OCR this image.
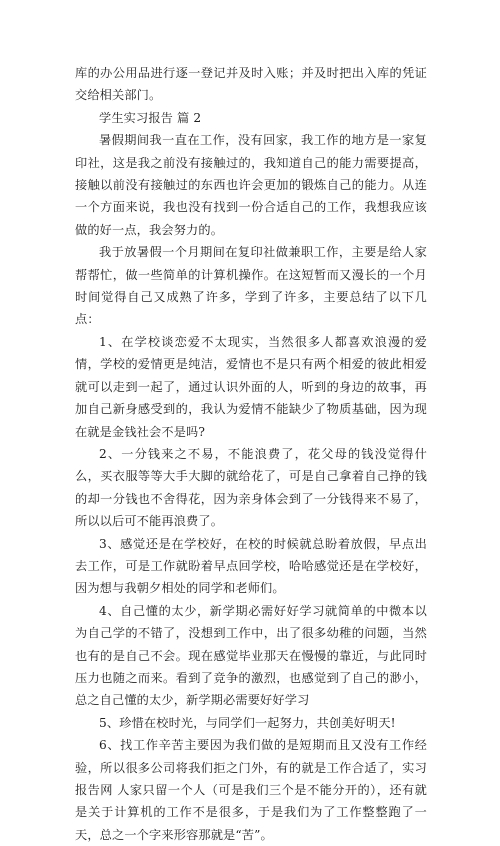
库的办公用品进行逐一登记并及时入账；并及时把出入库的凭证交给相关部门。

学生实习报告 篇 2

暑假期间我一直在工作，没有回家，我工作的地方是一家复印社，这是我之前没有接触过的，我知道自己的能力需要提高，接触以前没有接触过的东西也许会更加的锻炼自己的能力。从连一个方面来说，我也没有找到一份合适自己的工作，我想我应该做的好一点，我会努力的。

我于放暑假一个月期间在复印社做兼职工作，主要是给人家帮帮忙，做一些简单的计算机操作。在这短暂而又漫长的一个月时间觉得自己又成熟了许多，学到了许多，主要总结了以下几点：

1、在学校谈恋爱不太现实，当然很多人都喜欢浪漫的爱情，学校的爱情更是纯洁，爱情也不是只有两个相爱的彼此相爱就可以走到一起了，通过认识外面的人，听到的身边的故事，再加自己新身感受到的，我认为爱情不能缺少了物质基础，因为现在就是金钱社会不是吗?

2、一分钱来之不易，不能浪费了，花父母的钱没觉得什么，买衣服等等大手大脚的就给花了，可是自己拿着自己挣的钱的却一分钱也不舍得花，因为亲身体会到了一分钱得来不易了，所以以后可不能再浪费了。

3、感觉还是在学校好，在校的时候就总盼着放假，早点出去工作，可是工作就盼着早点回学校，哈哈感觉还是在学校好，因为想与我朝夕相处的同学和老师们。

4、自己懂的太少，新学期必需好好学习就简单的中微本以为自己学的不错了，没想到工作中，出了很多幼稚的问题，当然也有的是自己不会。现在感觉毕业那天在慢慢的靠近，与此同时压力也随之而来。看到了竞争的激烈，也感觉到了自己的渺小，总之自己懂的太少，新学期必需要好好学习

5、珍惜在校时光，与同学们一起努力，共创美好明天!

6、找工作辛苦主要因为我们做的是短期而且又没有工作经验，所以很多公司将我们拒之门外，有的就是工作合适了，实习报告网 人家只留一个人（可是我们三个是不能分开的），还有就是关于计算机的工作不是很多，于是我们为了工作整整跑了一天，总之一个字来形容那就是“苦”。
